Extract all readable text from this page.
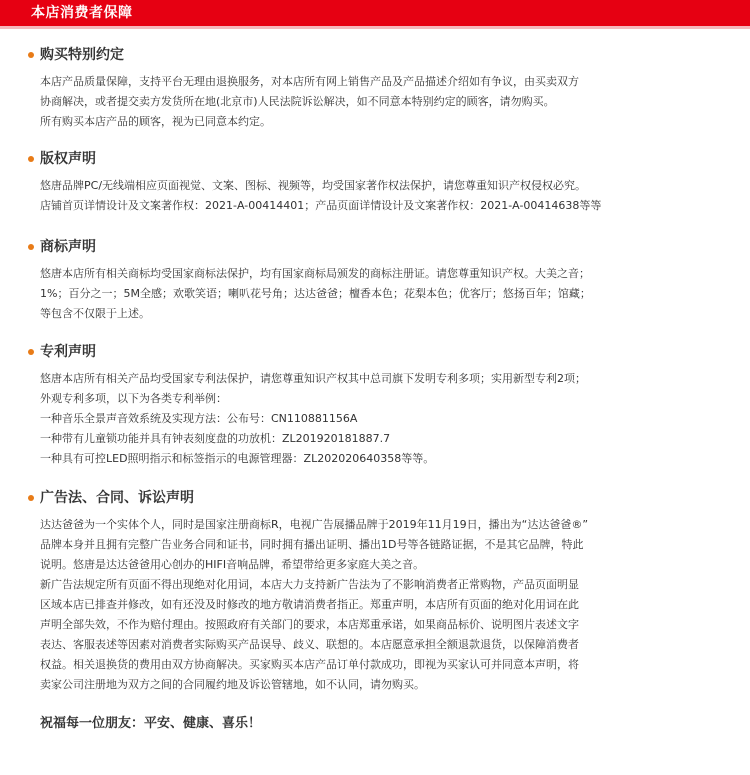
本店消费者保障
购买特别约定
本店产品质量保障，支持平台无理由退换服务，对本店所有网上销售产品及产品描述介绍如有争议，由买卖双方
协商解决，或者提交卖方发货所在地(北京市)人民法院诉讼解决，如不同意本特别约定的顾客，请勿购买。
所有购买本店产品的顾客，视为已同意本约定。
版权声明
悠唐品牌PC/无线端相应页面视觉、文案、图标、视频等，均受国家著作权法保护，请您尊重知识产权侵权必究。
店铺首页详情设计及文案著作权：2021-A-00414401；产品页面详情设计及文案著作权：2021-A-00414638等等
商标声明
悠唐本店所有相关商标均受国家商标法保护，均有国家商标局颁发的商标注册证。请您尊重知识产权。大美之音；
1%；百分之一；5M全感；欢歌笑语；喇叭花号角；达达爸爸；檀香本色；花梨本色；优客厅；悠扬百年；馆藏；
等包含不仅限于上述。
专利声明
悠唐本店所有相关产品均受国家专利法保护，请您尊重知识产权其中总司旗下发明专利多项；实用新型专利2项；
外观专利多项，以下为各类专利举例：
一种音乐全景声音效系统及实现方法：公布号：CN110881156A
一种带有儿童锁功能并具有钟表刻度盘的功放机：ZL201920181887.7
一种具有可控LED照明指示和标签指示的电源管理器：ZL202020640358等等。
广告法、合同、诉讼声明
达达爸爸为一个实体个人，同时是国家注册商标R，电视广告展播品牌于2019年11月19日，播出为“达达爸爸®”
品牌本身并且拥有完整广告业务合同和证书，同时拥有播出证明、播出1D号等各链路证据，不是其它品牌，特此
说明。悠唐是达达爸爸用心创办的HIFI音响品牌，希望带给更多家庭大美之音。
新广告法规定所有页面不得出现绝对化用词，本店大力支持新广告法为了不影响消费者正常购物，产品页面明显
区域本店已排查并修改，如有还没及时修改的地方敬请消费者指正。郑重声明，本店所有页面的绝对化用词在此
声明全部失效，不作为赔付理由。按照政府有关部门的要求，本店郑重承诺，如果商品标价、说明图片表述文字
表达、客服表述等因素对消费者实际购买产品误导、歧义、联想的。本店愿意承担全额退款退货，以保障消费者
权益。相关退换货的费用由双方协商解决。买家购买本店产品订单付款成功，即视为买家认可并同意本声明，将
卖家公司注册地为双方之间的合同履约地及诉讼管辖地，如不认同，请勿购买。
祝福每一位朋友：平安、健康、喜乐！
